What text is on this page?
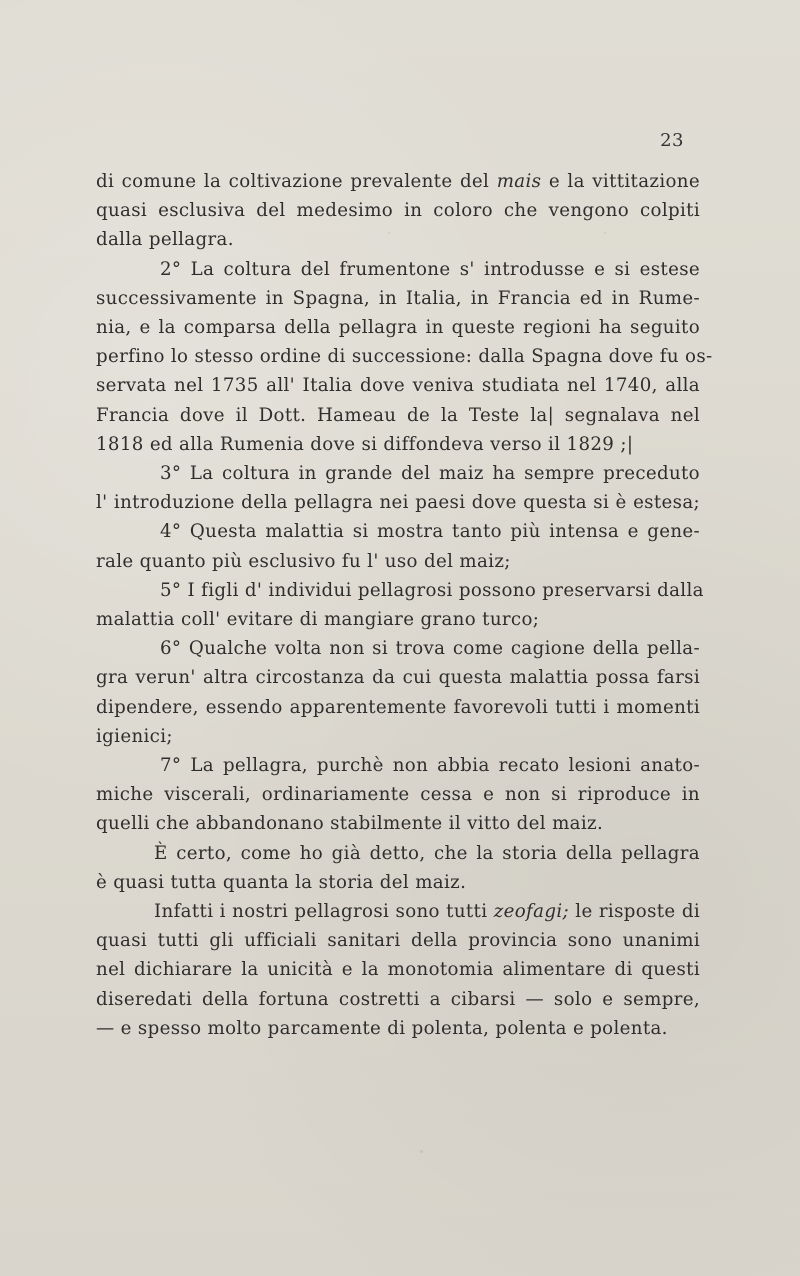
23
di comune la coltivazione prevalente del mais e la vittitazione
quasi esclusiva del medesimo in coloro che vengono colpiti
dalla pellagra.
2° La coltura del frumentone s' introdusse e si estese
successivamente in Spagna, in Italia, in Francia ed in Rume-
nia, e la comparsa della pellagra in queste regioni ha seguito
perfino lo stesso ordine di successione: dalla Spagna dove fu os-
servata nel 1735 all' Italia dove veniva studiata nel 1740, alla
Francia dove il Dott. Hameau de la Teste la| segnalava nel
1818 ed alla Rumenia dove si diffondeva verso il 1829 ;|
3° La coltura in grande del maiz ha sempre preceduto
l' introduzione della pellagra nei paesi dove questa si è estesa;
4° Questa malattia si mostra tanto più intensa e gene-
rale quanto più esclusivo fu l' uso del maiz;
5° I figli d' individui pellagrosi possono preservarsi dalla
malattia coll' evitare di mangiare grano turco;
6° Qualche volta non si trova come cagione della pella-
gra verun' altra circostanza da cui questa malattia possa farsi
dipendere, essendo apparentemente favorevoli tutti i momenti
igienici;
7° La pellagra, purchè non abbia recato lesioni anato-
miche viscerali, ordinariamente cessa e non si riproduce in
quelli che abbandonano stabilmente il vitto del maiz.
È certo, come ho già detto, che la storia della pellagra
è quasi tutta quanta la storia del maiz.
Infatti i nostri pellagrosi sono tutti zeofagi; le risposte di
quasi tutti gli ufficiali sanitari della provincia sono unanimi
nel dichiarare la unicità e la monotomia alimentare di questi
diseredati della fortuna costretti a cibarsi — solo e sempre,
— e spesso molto parcamente di polenta, polenta e polenta.
